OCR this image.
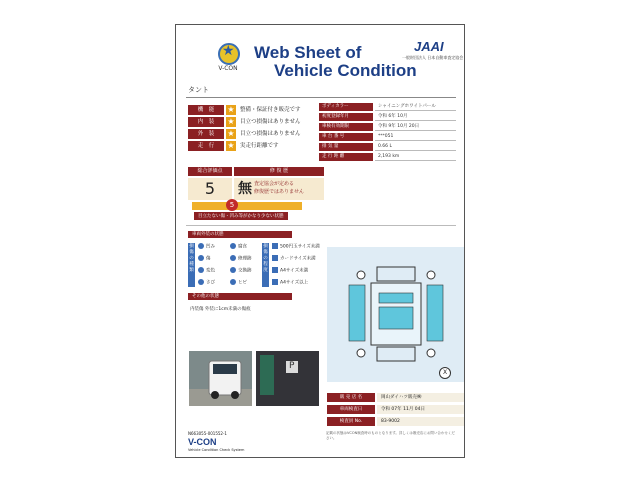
★
V-CON
Web Sheet of
Vehicle Condition
JAAI
一般財団法人 日本自動車査定協会
タント
機　能	★ 整備・保証付き販売です
内　装	★ 目立つ損傷はありません
外　装	★ 目立つ損傷はありません
走　行	★ 実走行距離です
ボディカラー	シャイニングホワイトパール
初度登録年月	令和 6年 10月
車検有効期限	令和 9年 10月 20日
車 台 番 号	***051
排 気 量	0.66 L
走 行 距 離	2,193 km
総合評価点	修 復 歴
5	無 査定協会が定める
修復歴ではありません
5
目立たない傷・凹み等がかなり少ない状態
車両外装の状態
損傷の種類
凹み	腐食
傷	修理跡
変色	交換跡
さび	ヒビ
損傷の程度
500円玉サイズ未満
カードサイズ未満
A4サイズ未満
A4サイズ以上
その他の状態
内装傷 外装に1cm未満の傷痕
X
P
販 売 店 名	岡山ダイハツ販売㈱
車両検査日	令和 07年 11月 04日
検査員 No.	83-9002
N663055-001552-1
V-CON
Vehicle Condition Check System
記載の状態はVCON検査時のものとなります。詳しくは販売店にお問い合わせください。
